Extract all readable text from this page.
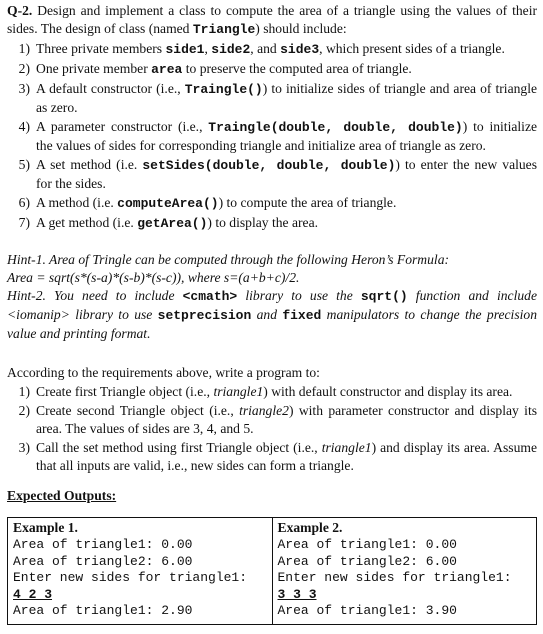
Q-2. Design and implement a class to compute the area of a triangle using the values of their sides. The design of class (named Triangle) should include:

1) Three private members side1, side2, and side3, which present sides of a triangle.
2) One private member area to preserve the computed area of triangle.
3) A default constructor (i.e., Traingle()) to initialize sides of triangle and area of triangle as zero.
4) A parameter constructor (i.e., Traingle(double, double, double)) to initialize the values of sides for corresponding triangle and initialize area of triangle as zero.
5) A set method (i.e. setSides(double, double, double)) to enter the new values for the sides.
6) A method (i.e. computeArea()) to compute the area of triangle.
7) A get method (i.e. getArea()) to display the area.

Hint-1. Area of Tringle can be computed through the following Heron’s Formula:

Area = sqrt(s*(s-a)*(s-b)*(s-c)), where s=(a+b+c)/2.

Hint-2. You need to include <cmath> library to use the sqrt() function and include <iomanip> library to use setprecision and fixed manipulators to change the precision value and printing format.

According to the requirements above, write a program to:

1) Create first Triangle object (i.e., triangle1) with default constructor and display its area.
2) Create second Triangle object (i.e., triangle2) with parameter constructor and display its area. The values of sides are 3, 4, and 5.
3) Call the set method using first Triangle object (i.e., triangle1) and display its area. Assume that all inputs are valid, i.e., new sides can form a triangle.
Expected Outputs:
Example 1.
Area of triangle1: 0.00
Area of triangle2: 6.00
Enter new sides for triangle1:
4 2 3
Area of triangle1: 2.90

Example 2.
Area of triangle1: 0.00
Area of triangle2: 6.00
Enter new sides for triangle1:
3 3 3
Area of triangle1: 3.90
